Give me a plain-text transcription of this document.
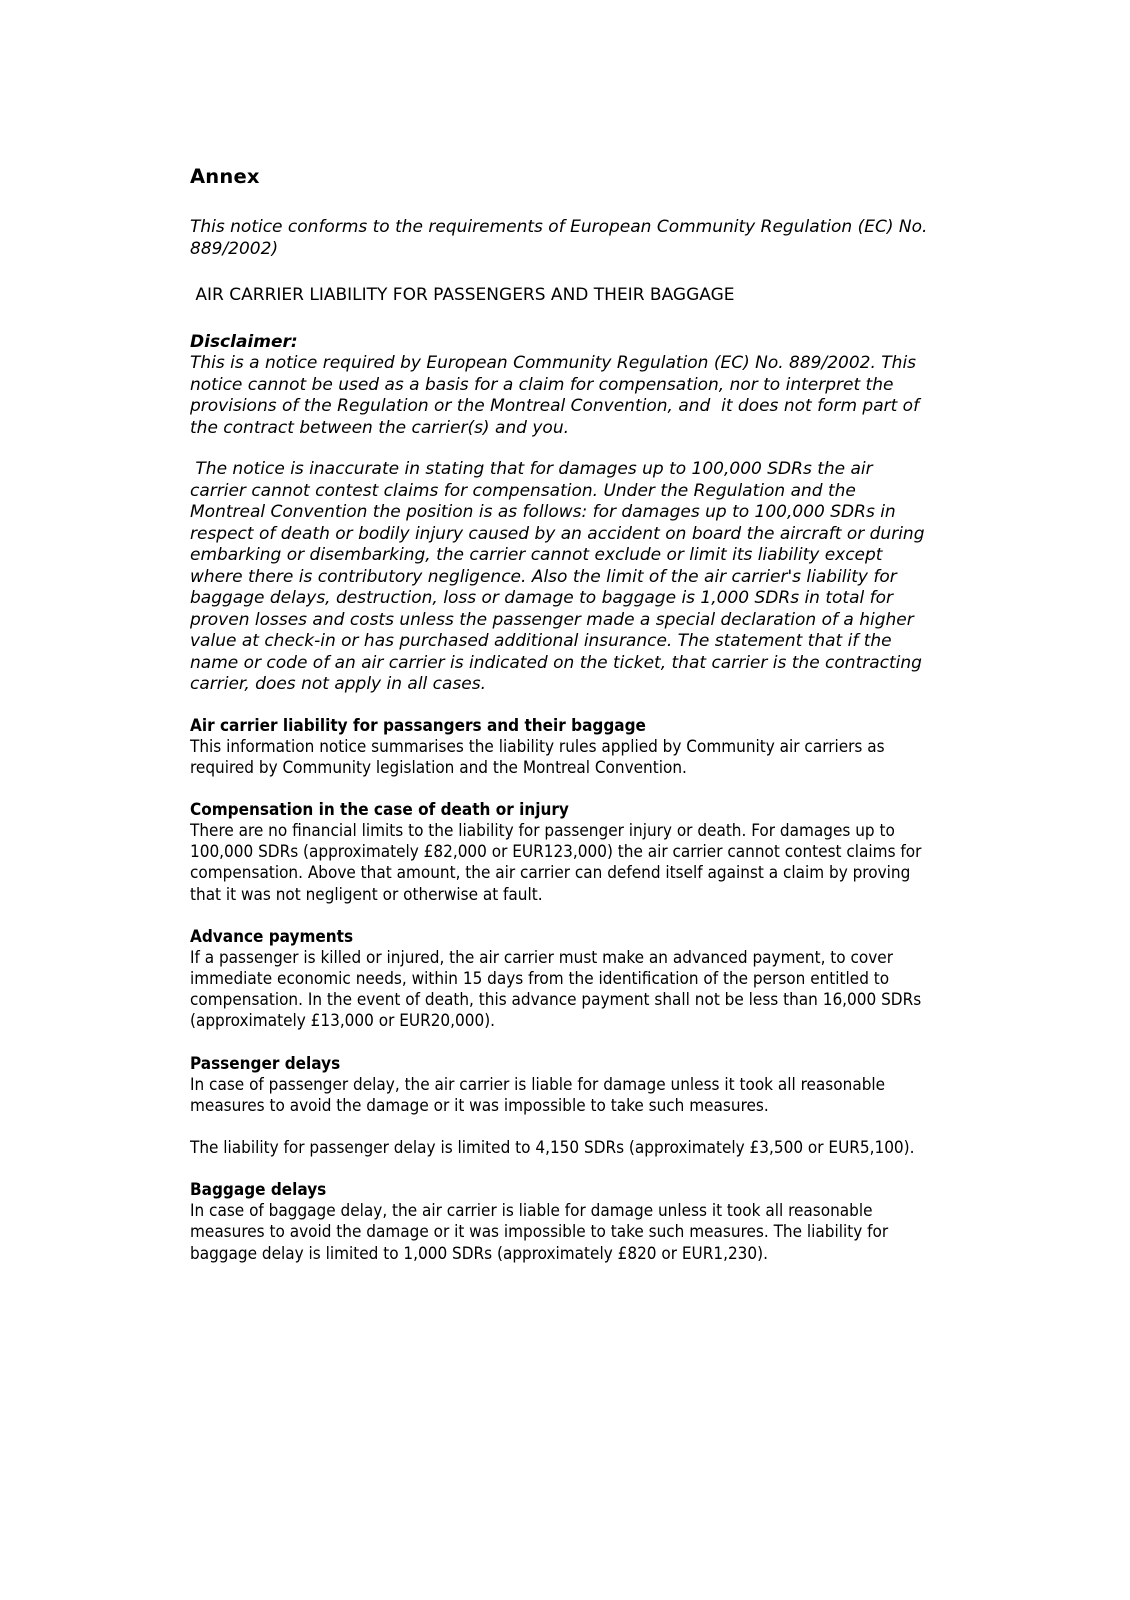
Annex

This notice conforms to the requirements of European Community Regulation (EC) No. 889/2002)

AIR CARRIER LIABILITY FOR PASSENGERS AND THEIR BAGGAGE

Disclaimer:

This is a notice required by European Community Regulation (EC) No. 889/2002. This notice cannot be used as a basis for a claim for compensation, nor to interpret the provisions of the Regulation or the Montreal Convention, and  it does not form part of the contract between the carrier(s) and you.

The notice is inaccurate in stating that for damages up to 100,000 SDRs the air carrier cannot contest claims for compensation. Under the Regulation and the Montreal Convention the position is as follows: for damages up to 100,000 SDRs in respect of death or bodily injury caused by an accident on board the aircraft or during embarking or disembarking, the carrier cannot exclude or limit its liability except where there is contributory negligence. Also the limit of the air carrier's liability for baggage delays, destruction, loss or damage to baggage is 1,000 SDRs in total for proven losses and costs unless the passenger made a special declaration of a higher value at check-in or has purchased additional insurance. The statement that if the name or code of an air carrier is indicated on the ticket, that carrier is the contracting carrier, does not apply in all cases.

Air carrier liability for passangers and their baggage

This information notice summarises the liability rules applied by Community air carriers as required by Community legislation and the Montreal Convention.

Compensation in the case of death or injury

There are no financial limits to the liability for passenger injury or death. For damages up to 100,000 SDRs (approximately £82,000 or EUR123,000) the air carrier cannot contest claims for compensation. Above that amount, the air carrier can defend itself against a claim by proving that it was not negligent or otherwise at fault.

Advance payments

If a passenger is killed or injured, the air carrier must make an advanced payment, to cover immediate economic needs, within 15 days from the identification of the person entitled to compensation. In the event of death, this advance payment shall not be less than 16,000 SDRs (approximately £13,000 or EUR20,000).

Passenger delays

In case of passenger delay, the air carrier is liable for damage unless it took all reasonable measures to avoid the damage or it was impossible to take such measures.

The liability for passenger delay is limited to 4,150 SDRs (approximately £3,500 or EUR5,100).

Baggage delays

In case of baggage delay, the air carrier is liable for damage unless it took all reasonable measures to avoid the damage or it was impossible to take such measures. The liability for baggage delay is limited to 1,000 SDRs (approximately £820 or EUR1,230).
